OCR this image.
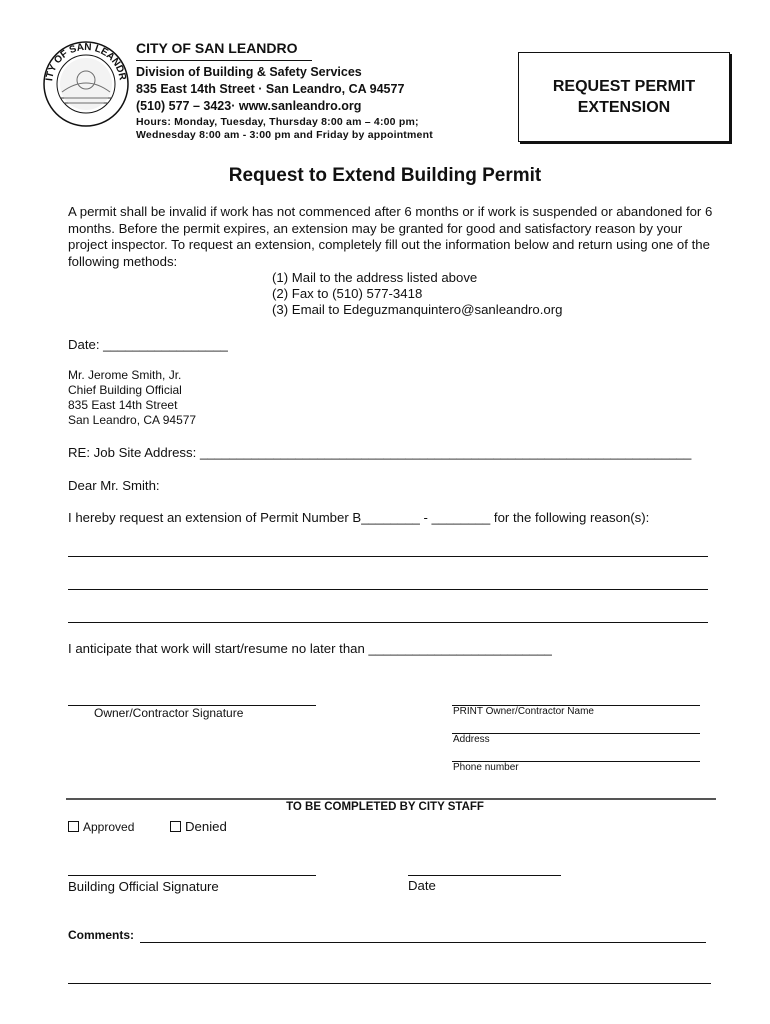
ITY OF SAN LEANDR
CITY OF SAN LEANDRO
Division of Building & Safety Services
835 East 14th Street · San Leandro, CA 94577
(510) 577 – 3423· www.sanleandro.org
Hours: Monday, Tuesday, Thursday 8:00 am – 4:00 pm;
Wednesday 8:00 am - 3:00 pm and Friday by appointment
REQUEST PERMIT
EXTENSION
Request to Extend Building Permit
A permit shall be invalid if work has not commenced after 6 months or if work is suspended or abandoned for 6 months. Before the permit expires, an extension may be granted for good and satisfactory reason by your project inspector. To request an extension, completely fill out the information below and return using one of the following methods:
(1) Mail to the address listed above
(2) Fax to (510) 577-3418
(3) Email to Edeguzmanquintero@sanleandro.org
Date: _________________
Mr. Jerome Smith, Jr.
Chief Building Official
835 East 14th Street
San Leandro, CA 94577
RE: Job Site Address: ___________________________________________________________________
Dear Mr. Smith:
I hereby request an extension of Permit Number B________ - ________ for the following reason(s):
I anticipate that work will start/resume no later than _________________________
Owner/Contractor Signature	PRINT Owner/Contractor Name
Address
Phone number
TO BE COMPLETED BY CITY STAFF
Approved	Denied
Building Official Signature	Date
Comments:
